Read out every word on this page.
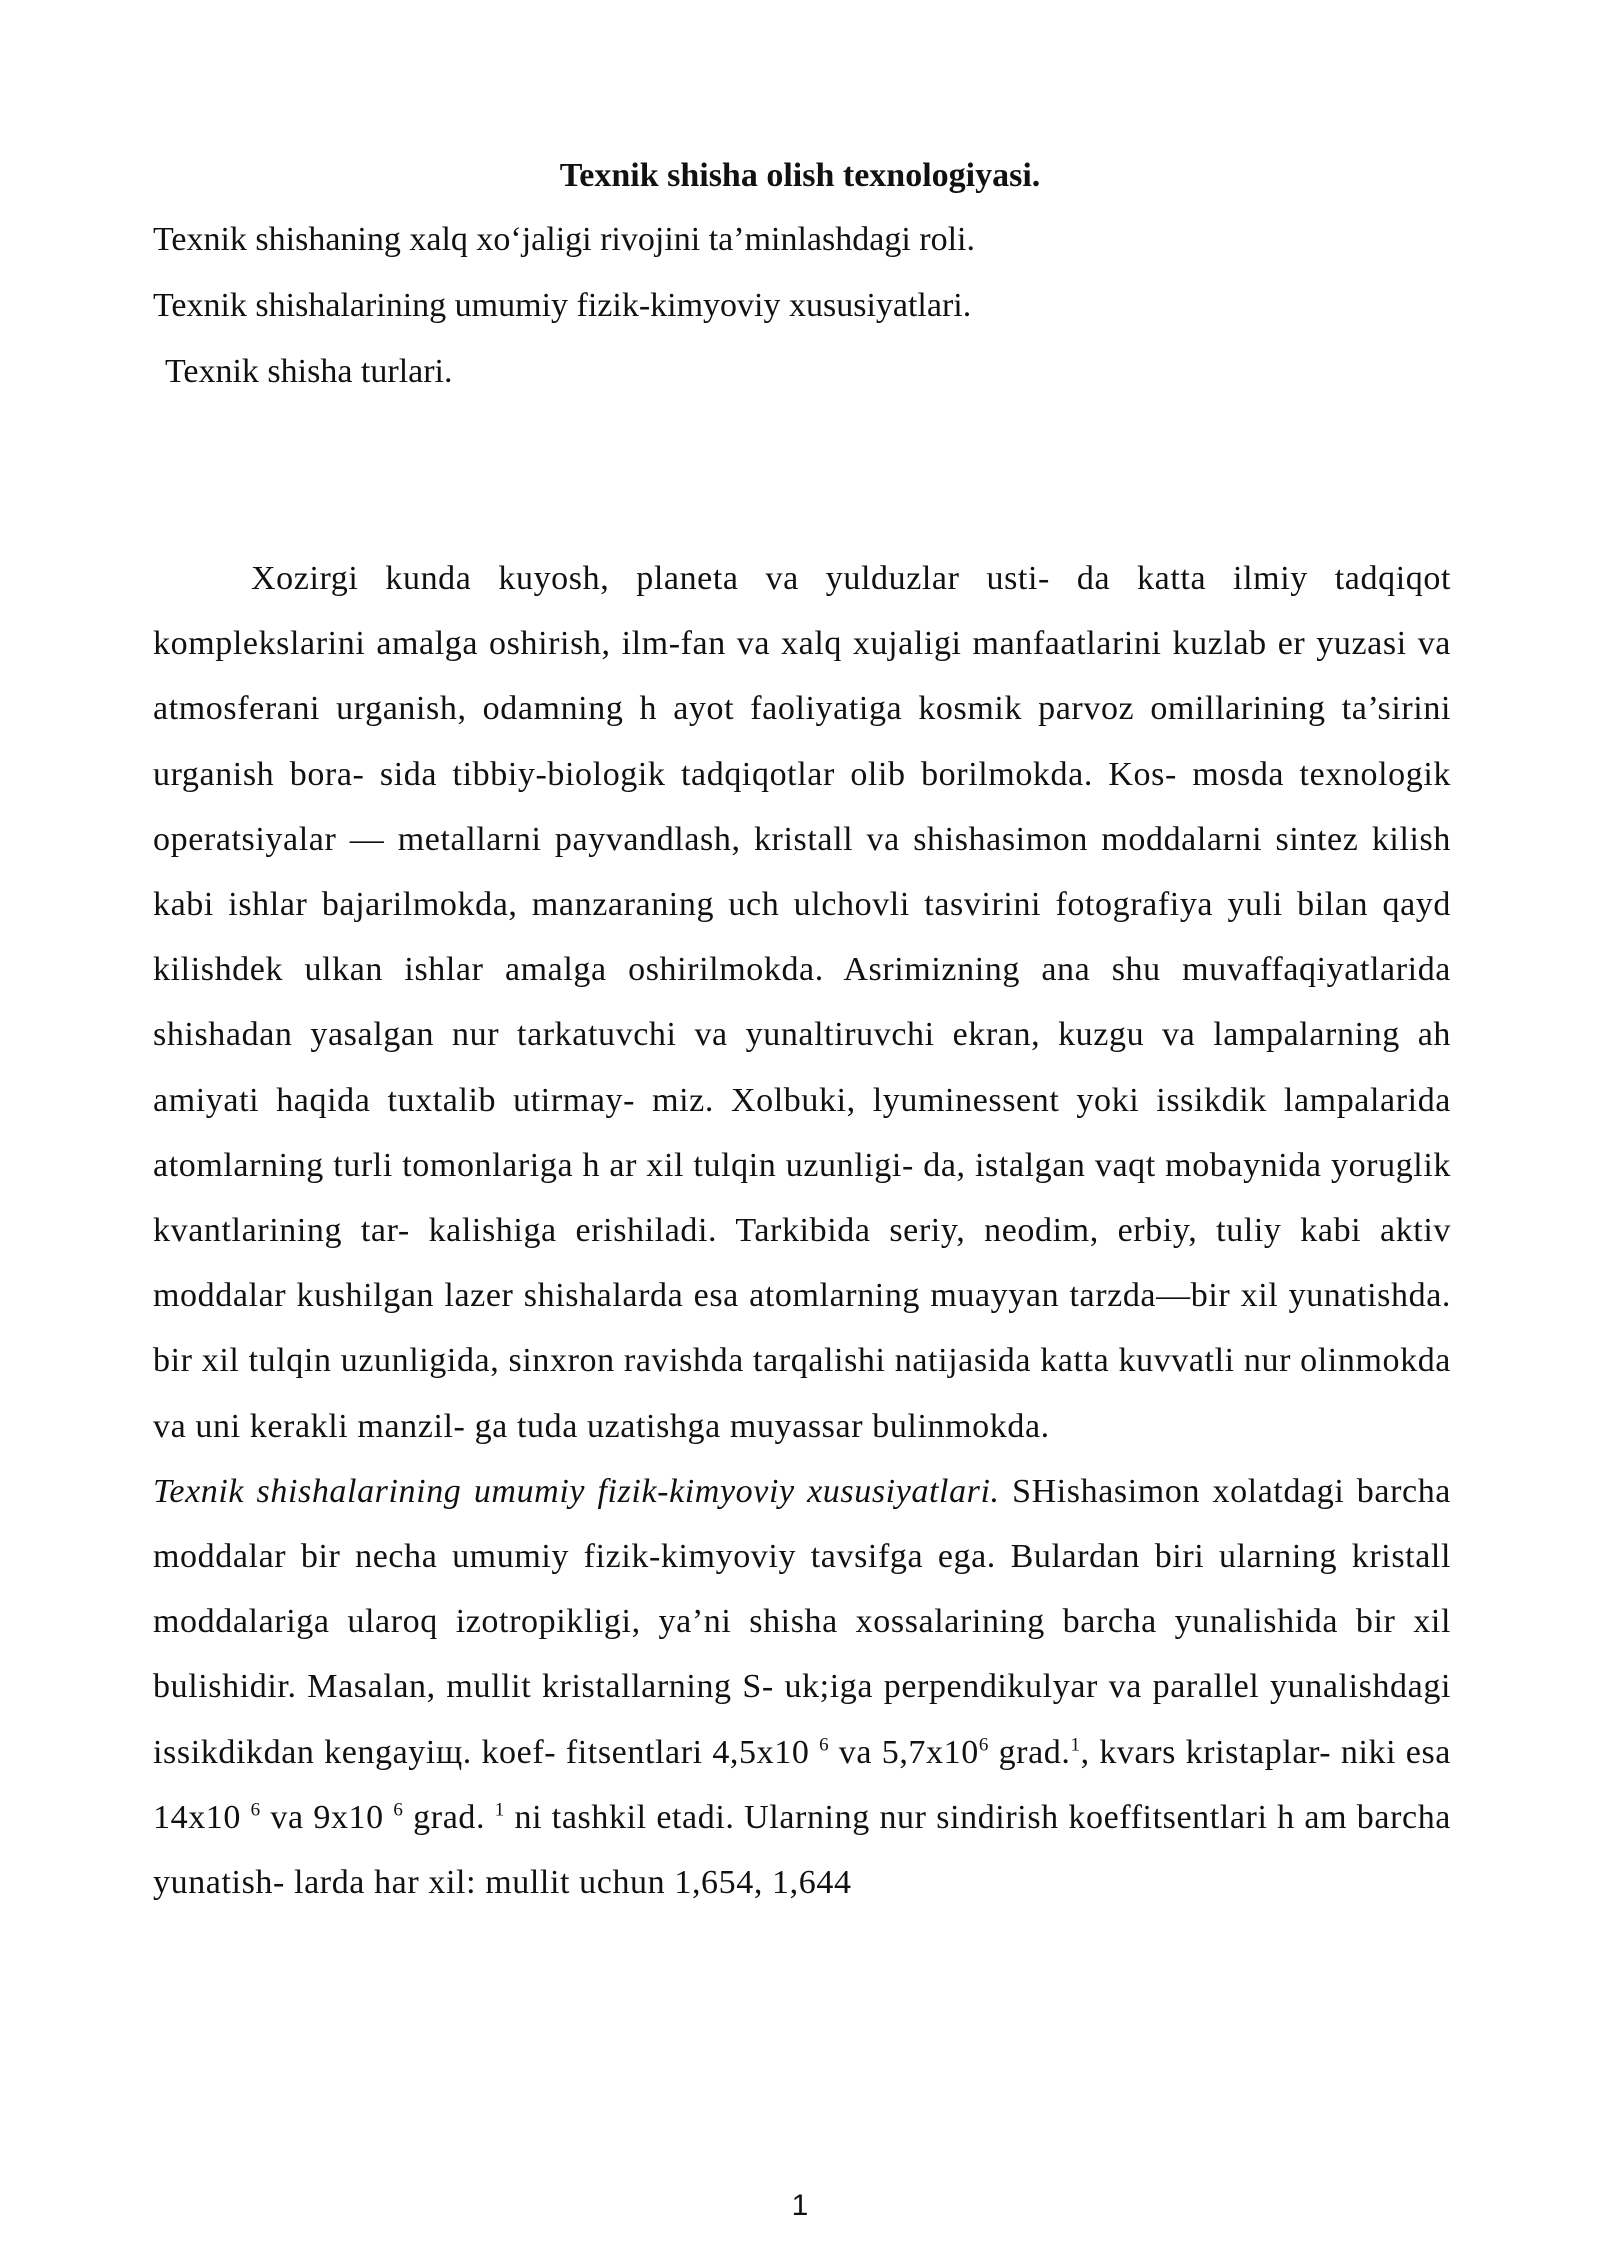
Texnik shisha olish texnologiyasi.
Texnik shishaning xalq xo‘jaligi rivojini ta’minlashdagi roli.
Texnik shishalarining umumiy fizik-kimyoviy xususiyatlari.
Texnik shisha turlari.

Xozirgi kunda kuyosh, planeta va yulduzlar usti- da katta ilmiy tadqiqot komplekslarini amalga oshirish, ilm-fan va xalq xujaligi manfaatlarini kuzlab er yuzasi va atmosferani urganish, odamning h ayot faoliyatiga kosmik parvoz omillarining ta’sirini urganish bora- sida tibbiy-biologik tadqiqotlar olib borilmokda. Kos- mosda texnologik operatsiyalar — metallarni payvandlash, kristall va shishasimon moddalarni sintez kilish kabi ishlar bajarilmokda, manzaraning uch ulchovli tasvirini fotografiya yuli bilan qayd kilishdek ulkan ishlar amalga oshirilmokda. Asrimizning ana shu muvaffaqiyatlarida shishadan yasalgan nur tarkatuvchi va yunaltiruvchi ekran, kuzgu va lampalarning ah amiyati haqida tuxtalib utirmay- miz. Xolbuki, lyuminessent yoki issikdik lampalarida atomlarning turli tomonlariga h ar xil tulqin uzunligi- da, istalgan vaqt mobaynida yoruglik kvantlarining tar- kalishiga erishiladi. Tarkibida seriy, neodim, erbiy, tuliy kabi aktiv moddalar kushilgan lazer shishalarda esa atomlarning muayyan tarzda—bir xil yunatishda. bir xil tulqin uzunligida, sinxron ravishda tarqalishi natijasida katta kuvvatli nur olinmokda va uni kerakli manzil- ga tuda uzatishga muyassar bulinmokda.

Texnik shishalarining umumiy fizik-kimyoviy xususiyatlari. SHishasimon xolatdagi barcha moddalar bir necha umumiy fizik-kimyoviy tavsifga ega. Bulardan biri ularning kristall moddalariga ularoq izotropikligi, ya’ni shisha xossalarining barcha yunalishida bir xil bulishidir. Masalan, mullit kristallarning S- uk;iga perpendikulyar va parallel yunalishdagi issikdikdan kengayiщ. koef- fitsentlari 4,5x10 $^6$ va $5,7x10^6$ grad.$^1$, kvars kristaplar- niki esa 14x10 $^6$ va 9x10 $^6$ grad. $^1$ ni tashkil etadi. Ularning nur sindirish koeffitsentlari h am barcha yunatish- larda har xil: mullit uchun 1,654, 1,644

1
